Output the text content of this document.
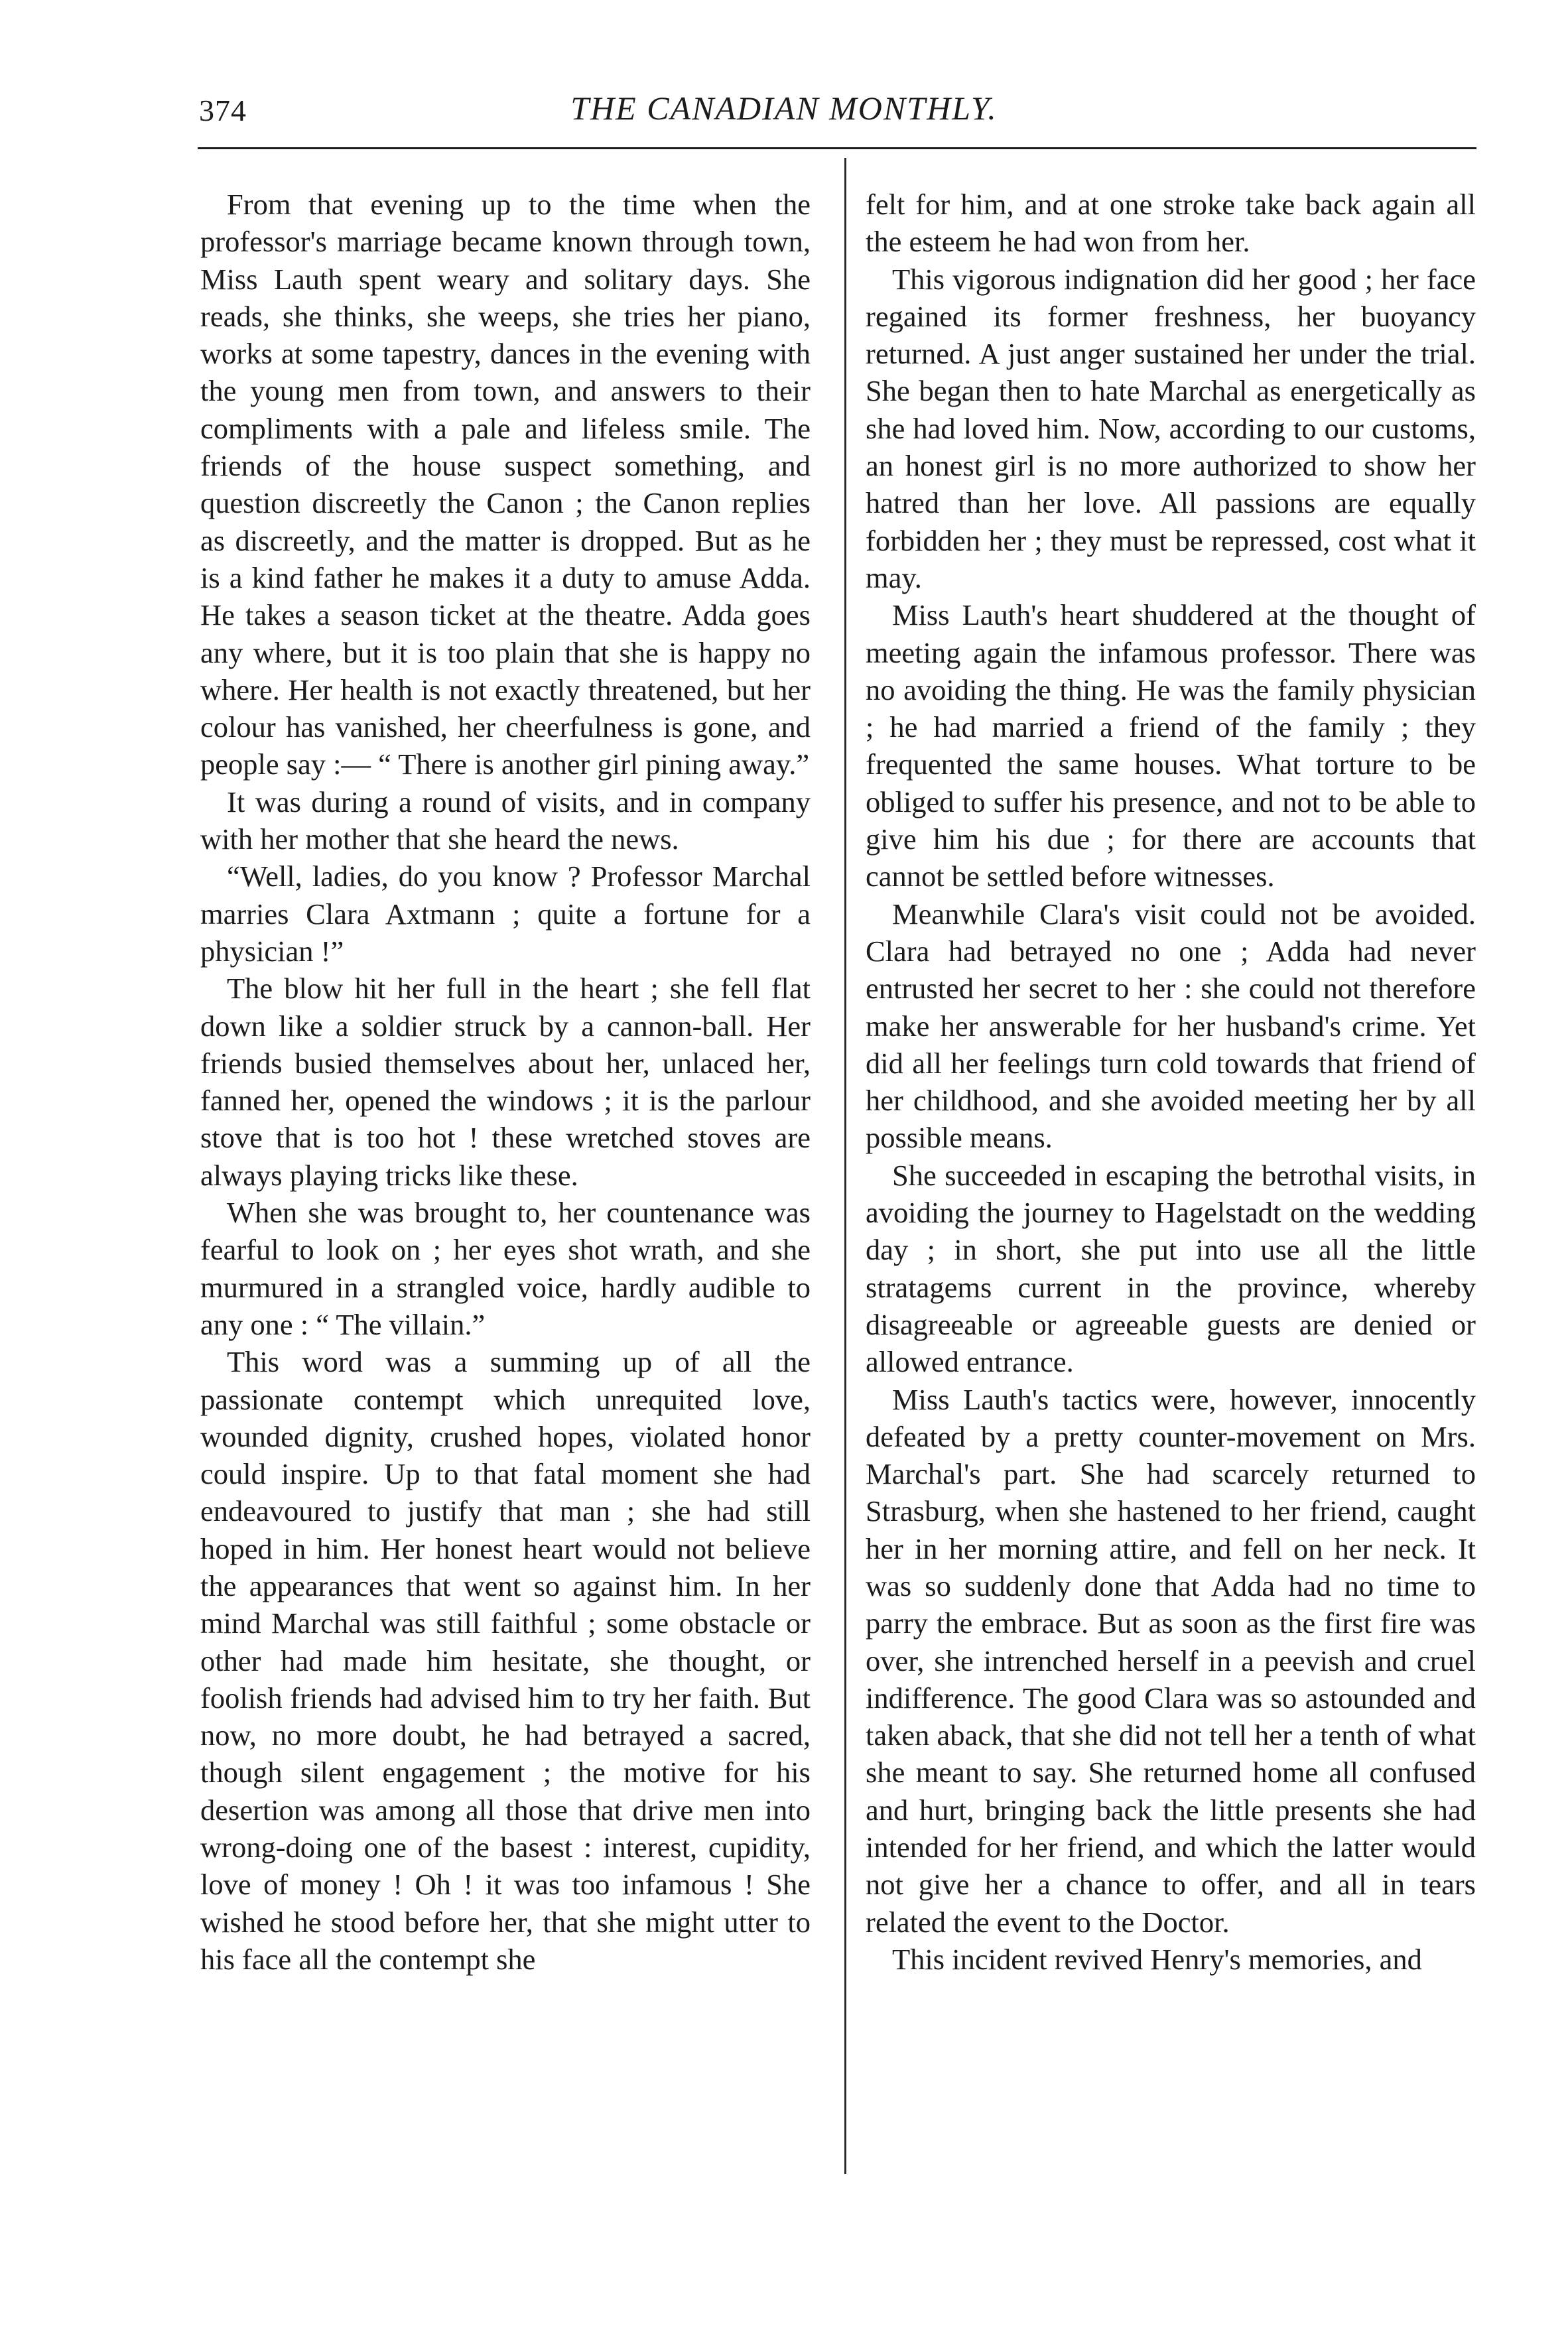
374	THE CANADIAN MONTHLY.

From that evening up to the time when the professor's marriage became known through town, Miss Lauth spent weary and solitary days. She reads, she thinks, she weeps, she tries her piano, works at some tapestry, dances in the evening with the young men from town, and answers to their compliments with a pale and lifeless smile. The friends of the house suspect something, and question discreetly the Canon ; the Canon replies as discreetly, and the matter is dropped. But as he is a kind father he makes it a duty to amuse Adda. He takes a season ticket at the theatre. Adda goes any where, but it is too plain that she is happy no where. Her health is not exactly threatened, but her colour has vanished, her cheerfulness is gone, and people say :— “ There is another girl pining away.”

It was during a round of visits, and in company with her mother that she heard the news.

“Well, ladies, do you know ? Professor Marchal marries Clara Axtmann ; quite a fortune for a physician !”

The blow hit her full in the heart ; she fell flat down like a soldier struck by a cannon-ball. Her friends busied themselves about her, unlaced her, fanned her, opened the windows ; it is the parlour stove that is too hot ! these wretched stoves are always playing tricks like these.

When she was brought to, her countenance was fearful to look on ; her eyes shot wrath, and she murmured in a strangled voice, hardly audible to any one : “ The villain.”

This word was a summing up of all the passionate contempt which unrequited love, wounded dignity, crushed hopes, violated honor could inspire. Up to that fatal moment she had endeavoured to justify that man ; she had still hoped in him. Her honest heart would not believe the appearances that went so against him. In her mind Marchal was still faithful ; some obstacle or other had made him hesitate, she thought, or foolish friends had advised him to try her faith. But now, no more doubt, he had betrayed a sacred, though silent engagement ; the motive for his desertion was among all those that drive men into wrong-doing one of the basest : interest, cupidity, love of money ! Oh ! it was too infamous ! She wished he stood before her, that she might utter to his face all the contempt she

felt for him, and at one stroke take back again all the esteem he had won from her.

This vigorous indignation did her good ; her face regained its former freshness, her buoyancy returned. A just anger sustained her under the trial. She began then to hate Marchal as energetically as she had loved him. Now, according to our customs, an honest girl is no more authorized to show her hatred than her love. All passions are equally forbidden her ; they must be repressed, cost what it may.

Miss Lauth's heart shuddered at the thought of meeting again the infamous professor. There was no avoiding the thing. He was the family physician ; he had married a friend of the family ; they frequented the same houses. What torture to be obliged to suffer his presence, and not to be able to give him his due ; for there are accounts that cannot be settled before witnesses.

Meanwhile Clara's visit could not be avoided. Clara had betrayed no one ; Adda had never entrusted her secret to her : she could not therefore make her answerable for her husband's crime. Yet did all her feelings turn cold towards that friend of her childhood, and she avoided meeting her by all possible means.

She succeeded in escaping the betrothal visits, in avoiding the journey to Hagelstadt on the wedding day ; in short, she put into use all the little stratagems current in the province, whereby disagreeable or agreeable guests are denied or allowed entrance.

Miss Lauth's tactics were, however, innocently defeated by a pretty counter-movement on Mrs. Marchal's part. She had scarcely returned to Strasburg, when she hastened to her friend, caught her in her morning attire, and fell on her neck. It was so suddenly done that Adda had no time to parry the embrace. But as soon as the first fire was over, she intrenched herself in a peevish and cruel indifference. The good Clara was so astounded and taken aback, that she did not tell her a tenth of what she meant to say. She returned home all confused and hurt, bringing back the little presents she had intended for her friend, and which the latter would not give her a chance to offer, and all in tears related the event to the Doctor.

This incident revived Henry's memories, and
